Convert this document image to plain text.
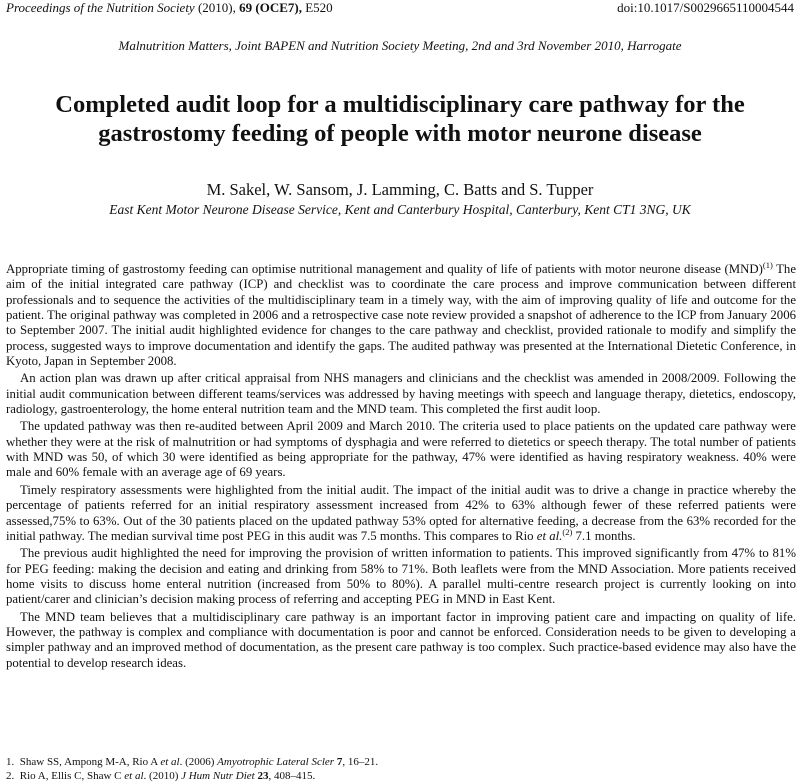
Proceedings of the Nutrition Society (2010), 69 (OCE7), E520	doi:10.1017/S0029665110004544
Malnutrition Matters, Joint BAPEN and Nutrition Society Meeting, 2nd and 3rd November 2010, Harrogate
Completed audit loop for a multidisciplinary care pathway for the gastrostomy feeding of people with motor neurone disease
M. Sakel, W. Sansom, J. Lamming, C. Batts and S. Tupper
East Kent Motor Neurone Disease Service, Kent and Canterbury Hospital, Canterbury, Kent CT1 3NG, UK

Appropriate timing of gastrostomy feeding can optimise nutritional management and quality of life of patients with motor neurone disease (MND)$^{(1)}$ The aim of the initial integrated care pathway (ICP) and checklist was to coordinate the care process and improve communication between different professionals and to sequence the activities of the multidisciplinary team in a timely way, with the aim of improving quality of life and outcome for the patient. The original pathway was completed in 2006 and a retrospective case note review provided a snapshot of adherence to the ICP from January 2006 to September 2007. The initial audit highlighted evidence for changes to the care pathway and checklist, provided rationale to modify and simplify the process, suggested ways to improve documentation and identify the gaps. The audited pathway was presented at the International Dietetic Conference, in Kyoto, Japan in September 2008.

An action plan was drawn up after critical appraisal from NHS managers and clinicians and the checklist was amended in 2008/2009. Following the initial audit communication between different teams/services was addressed by having meetings with speech and language therapy, dietetics, endoscopy, radiology, gastroenterology, the home enteral nutrition team and the MND team. This completed the first audit loop.

The updated pathway was then re-audited between April 2009 and March 2010. The criteria used to place patients on the updated care pathway were whether they were at the risk of malnutrition or had symptoms of dysphagia and were referred to dietetics or speech therapy. The total number of patients with MND was 50, of which 30 were identified as being appropriate for the pathway, 47% were identified as having respiratory weakness. 40% were male and 60% female with an average age of 69 years.

Timely respiratory assessments were highlighted from the initial audit. The impact of the initial audit was to drive a change in practice whereby the percentage of patients referred for an initial respiratory assessment increased from 42% to 63% although fewer of these referred patients were assessed,75% to 63%. Out of the 30 patients placed on the updated pathway 53% opted for alternative feeding, a decrease from the 63% recorded for the initial pathway. The median survival time post PEG in this audit was 7.5 months. This compares to Rio et al.$^{(2)}$ 7.1 months.

The previous audit highlighted the need for improving the provision of written information to patients. This improved significantly from 47% to 81% for PEG feeding: making the decision and eating and drinking from 58% to 71%. Both leaflets were from the MND Association. More patients received home visits to discuss home enteral nutrition (increased from 50% to 80%). A parallel multi-centre research project is currently looking on into patient/carer and clinician’s decision making process of referring and accepting PEG in MND in East Kent.

The MND team believes that a multidisciplinary care pathway is an important factor in improving patient care and impacting on quality of life. However, the pathway is complex and compliance with documentation is poor and cannot be enforced. Consideration needs to be given to developing a simpler pathway and an improved method of documentation, as the present care pathway is too complex. Such practice-based evidence may also have the potential to develop research ideas.

1. Shaw SS, Ampong M-A, Rio A et al. (2006) Amyotrophic Lateral Scler 7, 16–21.
2. Rio A, Ellis C, Shaw C et al. (2010) J Hum Nutr Diet 23, 408–415.
